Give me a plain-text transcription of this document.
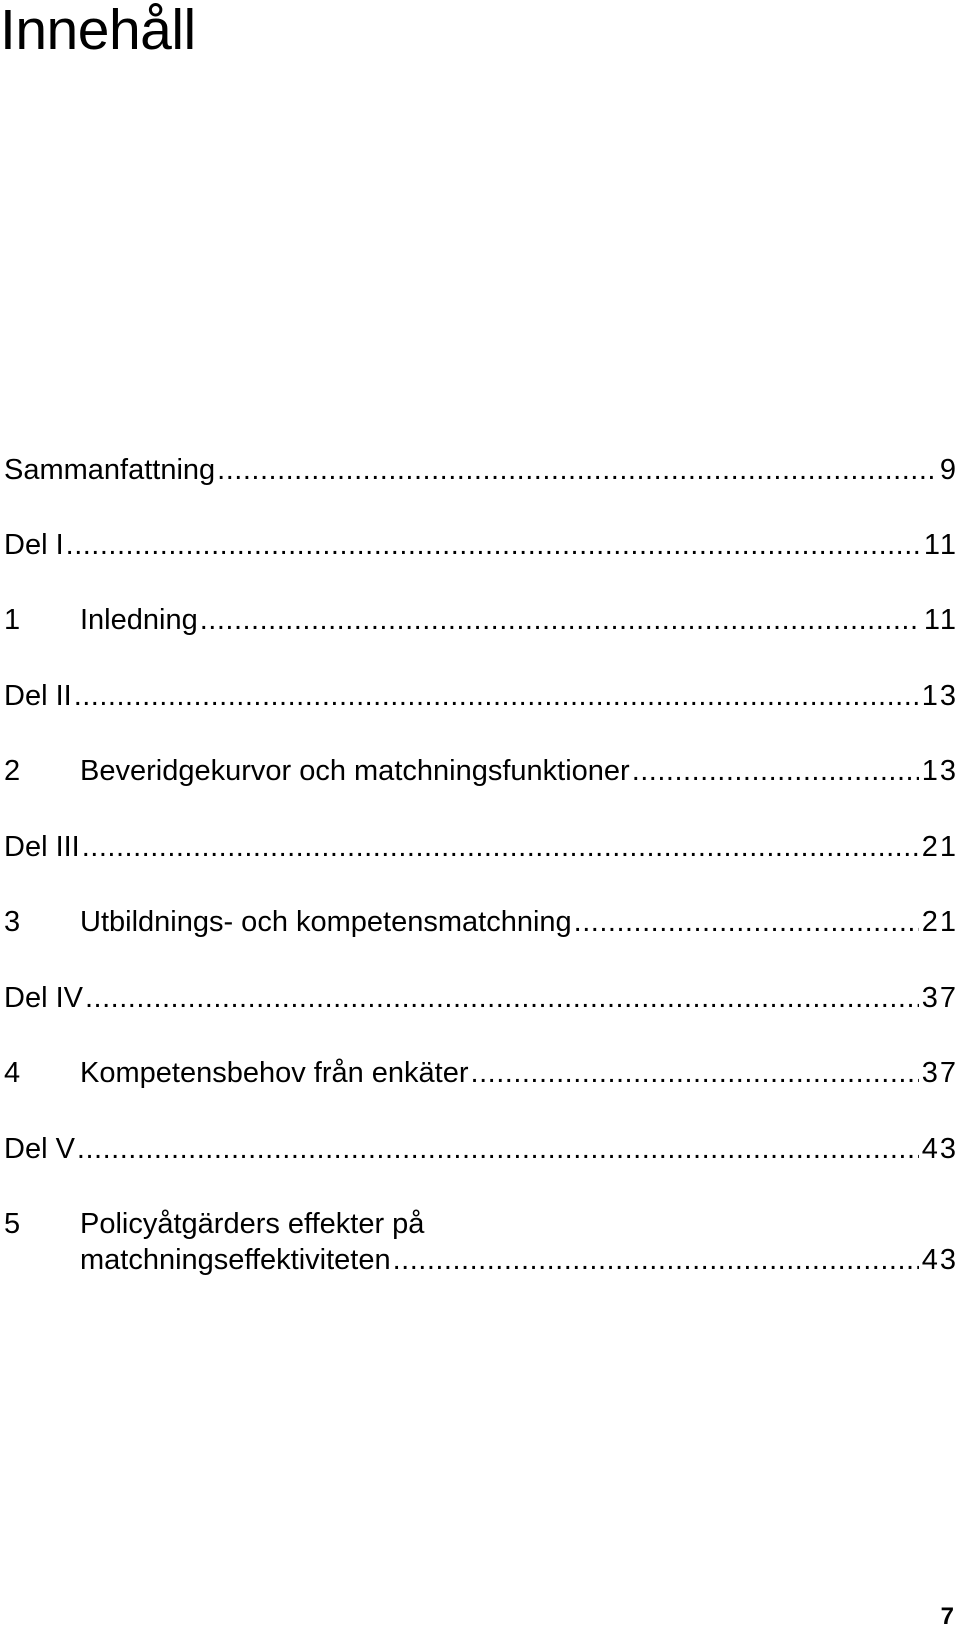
Innehåll
Sammanfattning .....	9
Del I .....	11
1 Inledning .....	11
Del II .....	13
2 Beveridgekurvor och matchningsfunktioner .....	13
Del III .....	21
3 Utbildnings- och kompetensmatchning .....	21
Del IV .....	37
4 Kompetensbehov från enkäter .....	37
Del V .....	43
5 Policyåtgärders effekter på
matchningseffektiviteten .....	43
7
